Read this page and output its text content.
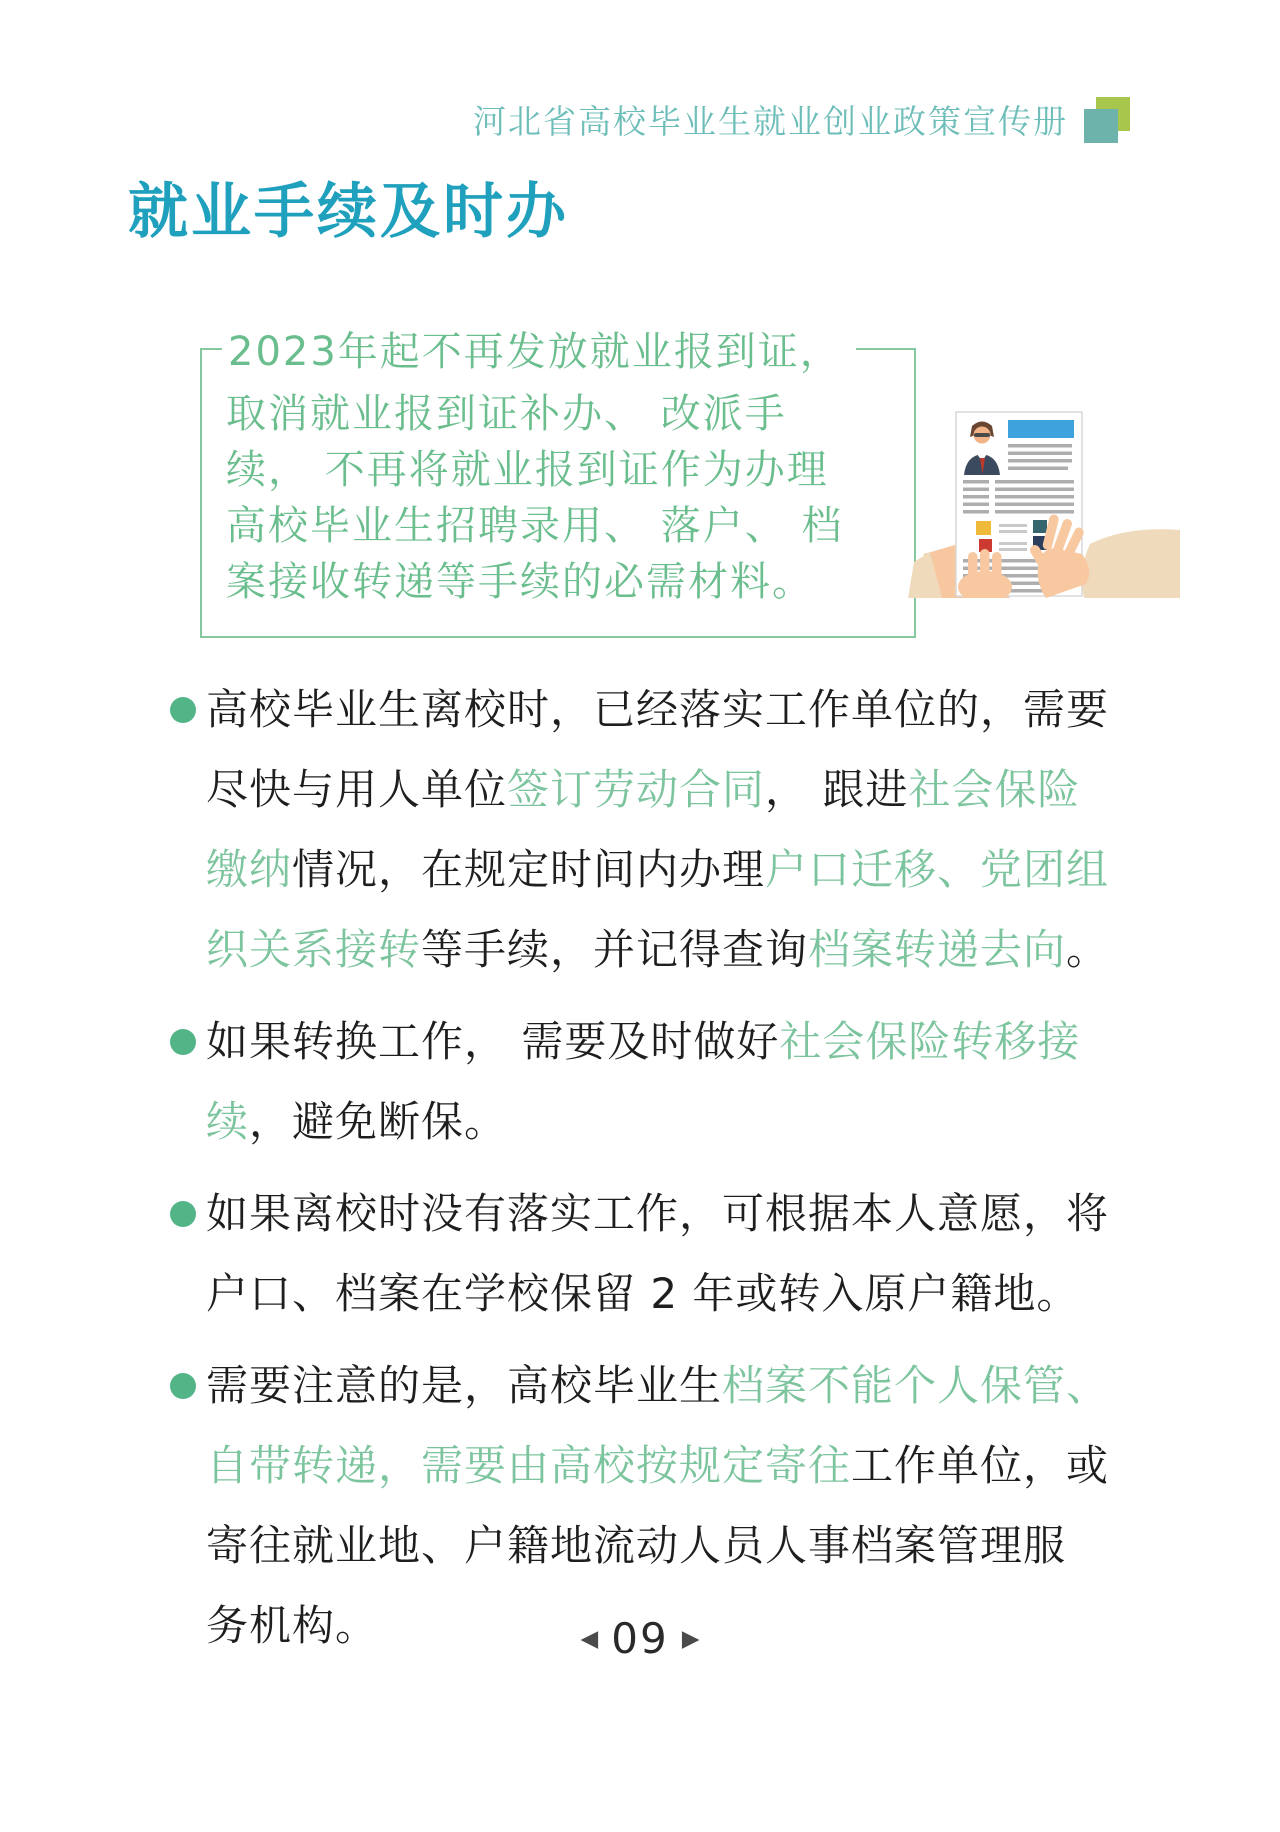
河北省高校毕业生就业创业政策宣传册
就业手续及时办
2023年起不再发放就业报到证，
取消就业报到证补办、 改派手
续， 不再将就业报到证作为办理
高校毕业生招聘录用、 落户、 档
案接收转递等手续的必需材料。
高校毕业生离校时，已经落实工作单位的，需要
尽快与用人单位签订劳动合同， 跟进社会保险
缴纳情况，在规定时间内办理户口迁移、党团组
织关系接转等手续，并记得查询档案转递去向。
如果转换工作， 需要及时做好社会保险转移接
续，避免断保。
如果离校时没有落实工作，可根据本人意愿，将
户口、档案在学校保留 2 年或转入原户籍地。
需要注意的是，高校毕业生档案不能个人保管、
自带转递，需要由高校按规定寄往工作单位，或
寄往就业地、户籍地流动人员人事档案管理服
务机构。	◀ 09 ▶
